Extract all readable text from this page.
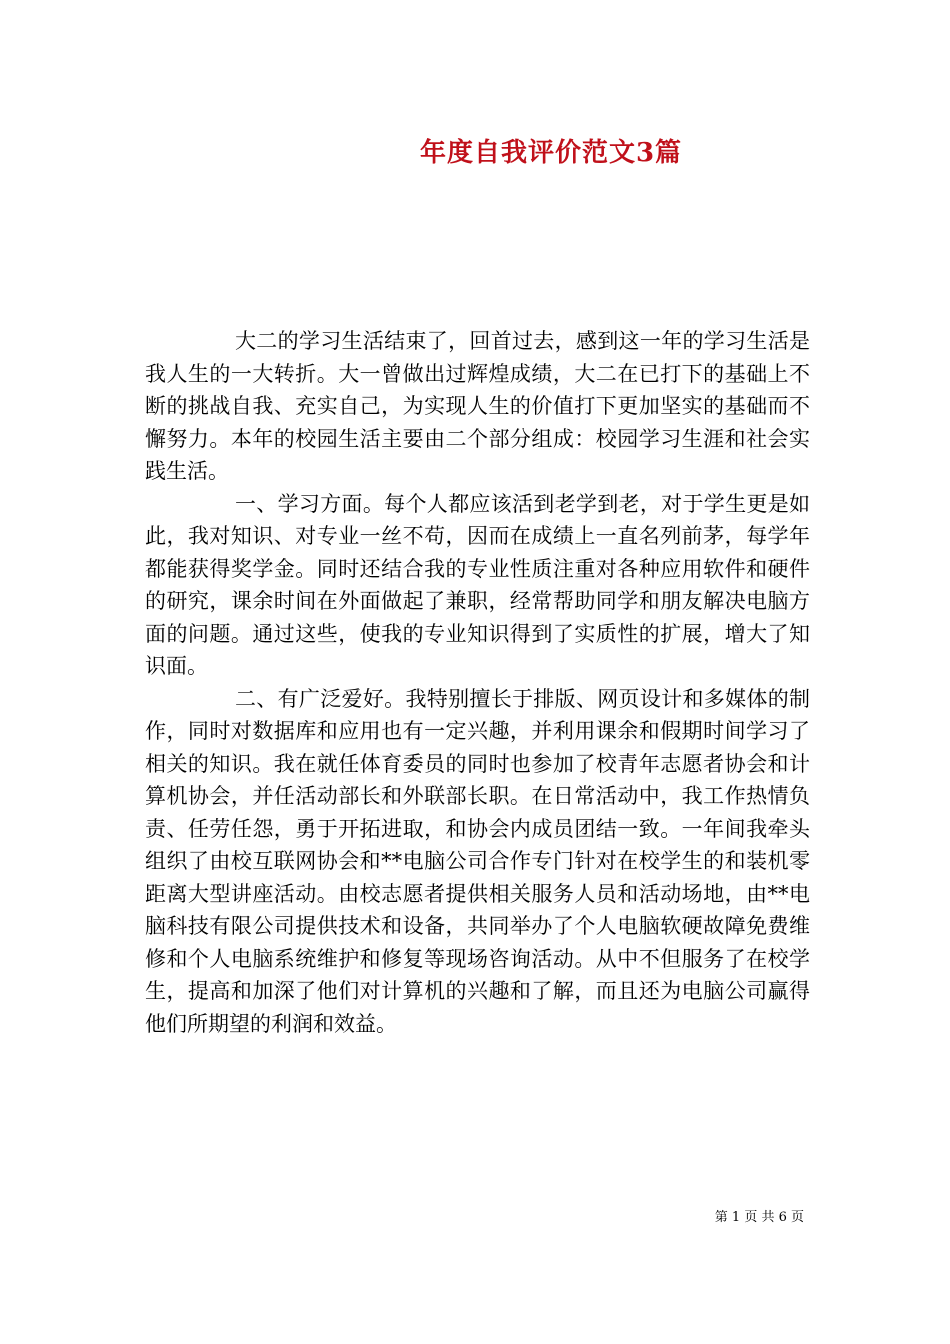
年度自我评价范文3篇

大二的学习生活结束了，回首过去，感到这一年的学习生活是我人生的一大转折。大一曾做出过辉煌成绩，大二在已打下的基础上不断的挑战自我、充实自己，为实现人生的价值打下更加坚实的基础而不懈努力。本年的校园生活主要由二个部分组成：校园学习生涯和社会实践生活。

一、学习方面。每个人都应该活到老学到老，对于学生更是如此，我对知识、对专业一丝不苟，因而在成绩上一直名列前茅，每学年都能获得奖学金。同时还结合我的专业性质注重对各种应用软件和硬件的研究，课余时间在外面做起了兼职，经常帮助同学和朋友解决电脑方面的问题。通过这些，使我的专业知识得到了实质性的扩展，增大了知识面。

二、有广泛爱好。我特别擅长于排版、网页设计和多媒体的制作，同时对数据库和应用也有一定兴趣，并利用课余和假期时间学习了相关的知识。我在就任体育委员的同时也参加了校青年志愿者协会和计算机协会，并任活动部长和外联部长职。在日常活动中，我工作热情负责、任劳任怨，勇于开拓进取，和协会内成员团结一致。一年间我牵头组织了由校互联网协会和**电脑公司合作专门针对在校学生的和装机零距离大型讲座活动。由校志愿者提供相关服务人员和活动场地，由**电脑科技有限公司提供技术和设备，共同举办了个人电脑软硬故障免费维修和个人电脑系统维护和修复等现场咨询活动。从中不但服务了在校学生，提高和加深了他们对计算机的兴趣和了解，而且还为电脑公司赢得他们所期望的利润和效益。

第 1 页 共 6 页
